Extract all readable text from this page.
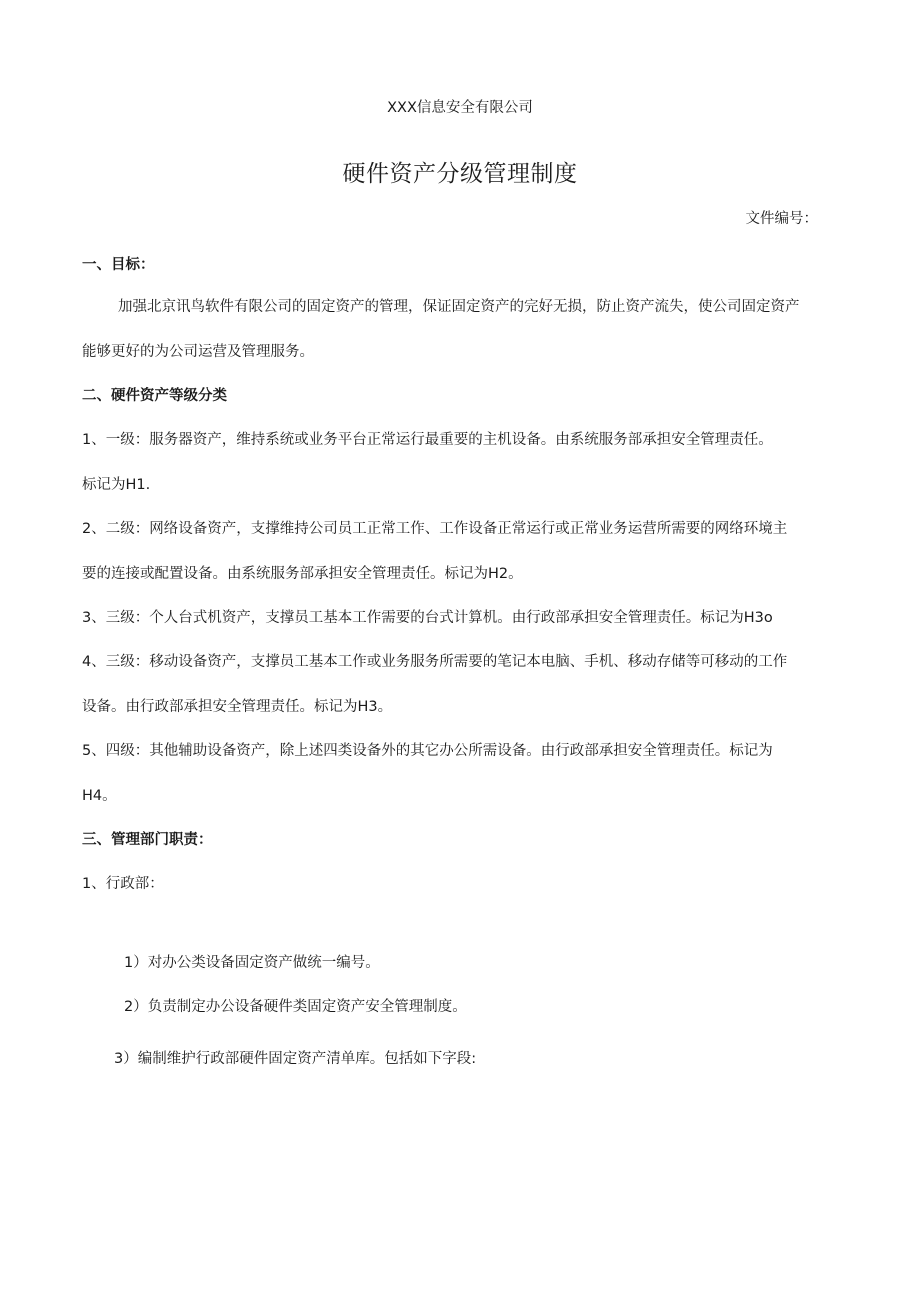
XXX信息安全有限公司
硬件资产分级管理制度
文件编号：
一、目标：
加强北京讯鸟软件有限公司的固定资产的管理，保证固定资产的完好无损，防止资产流失，使公司固定资产
能够更好的为公司运营及管理服务。
二、硬件资产等级分类
1、一级：服务器资产，维持系统或业务平台正常运行最重要的主机设备。由系统服务部承担安全管理责任。
标记为H1.
2、二级：网络设备资产，支撑维持公司员工正常工作、工作设备正常运行或正常业务运营所需要的网络环境主
要的连接或配置设备。由系统服务部承担安全管理责任。标记为H2。
3、三级：个人台式机资产，支撑员工基本工作需要的台式计算机。由行政部承担安全管理责任。标记为H3o
4、三级：移动设备资产，支撑员工基本工作或业务服务所需要的笔记本电脑、手机、移动存储等可移动的工作
设备。由行政部承担安全管理责任。标记为H3。
5、四级：其他辅助设备资产，除上述四类设备外的其它办公所需设备。由行政部承担安全管理责任。标记为
H4。
三、管理部门职责：
1、行政部：
1）对办公类设备固定资产做统一编号。
2）负责制定办公设备硬件类固定资产安全管理制度。
3）编制维护行政部硬件固定资产清单库。包括如下字段:
